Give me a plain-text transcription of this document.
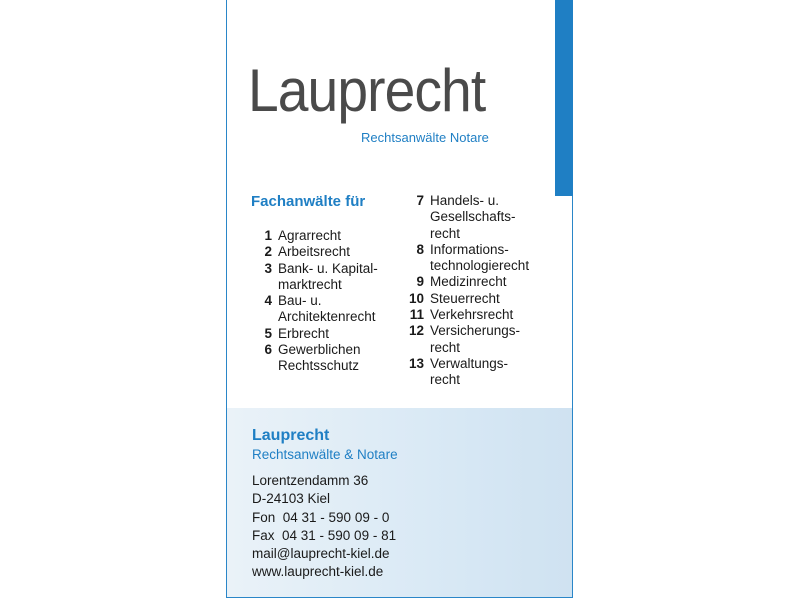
Lauprecht
Rechtsanwälte Notare
Fachanwälte für
1 Agrarrecht
2 Arbeitsrecht
3 Bank- u. Kapital-
marktrecht
4 Bau- u.
Architektenrecht
5 Erbrecht
6 Gewerblichen
Rechtsschutz
7 Handels- u.
Gesellschafts-
recht
8 Informations-
technologierecht
9 Medizinrecht
10 Steuerrecht
11 Verkehrsrecht
12 Versicherungs-
recht
13 Verwaltungs-
recht
Lauprecht
Rechtsanwälte & Notare
Lorentzendamm 36
D-24103 Kiel
Fon  04 31 - 590 09 - 0
Fax  04 31 - 590 09 - 81
mail@lauprecht-kiel.de
www.lauprecht-kiel.de
